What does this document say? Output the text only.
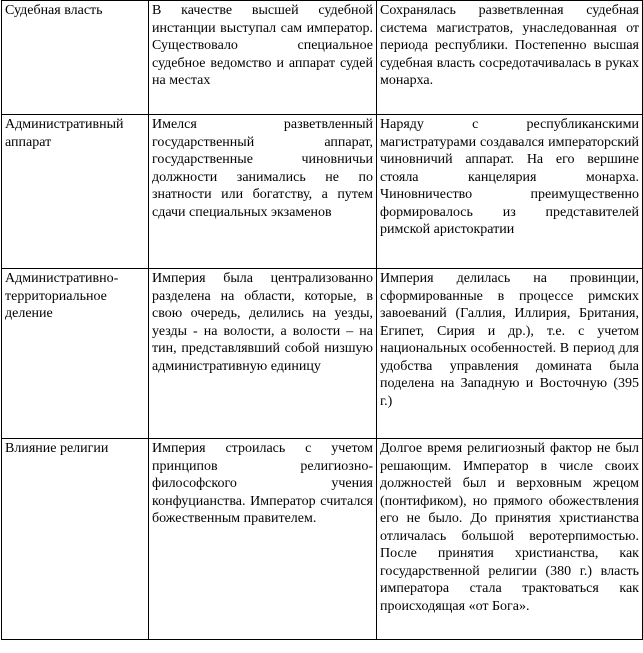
Судебная власть	В качестве высшей судебной инстанции выступал сам император. Существовало специальное судебное ведомство и аппарат судей на местах	Сохранялась разветвленная судебная система магистратов, унаследованная от периода республики. Постепенно высшая судебная власть сосредотачивалась в руках монарха.

Административный аппарат	Имелся разветвленный государственный аппарат, государственные чиновничьи должности занимались не по знатности или богатству, а путем сдачи специальных экзаменов	Наряду с республиканскими магистратурами создавался императорский чиновничий аппарат. На его вершине стояла канцелярия монарха. Чиновничество преимущественно формировалось из представителей римской аристократии

Административно-территориальное деление	Империя была централизованно разделена на области, которые, в свою очередь, делились на уезды, уезды - на волости, а волости – на тин, представлявший собой низшую административную единицу	Империя делилась на провинции, сформированные в процессе римских завоеваний (Галлия, Иллирия, Британия, Египет, Сирия и др.), т.е. с учетом национальных особенностей. В период для удобства управления домината была поделена на Западную и Восточную (395 г.)

Влияние религии	Империя строилась с учетом принципов религиозно-философского учения конфуцианства. Император считался божественным правителем.	Долгое время религиозный фактор не был решающим. Император в числе своих должностей был и верховным жрецом (понтификом), но прямого обожествления его не было. До принятия христианства отличалась большой веротерпимостью. После принятия христианства, как государственной религии (380 г.) власть императора стала трактоваться как происходящая «от Бога».
